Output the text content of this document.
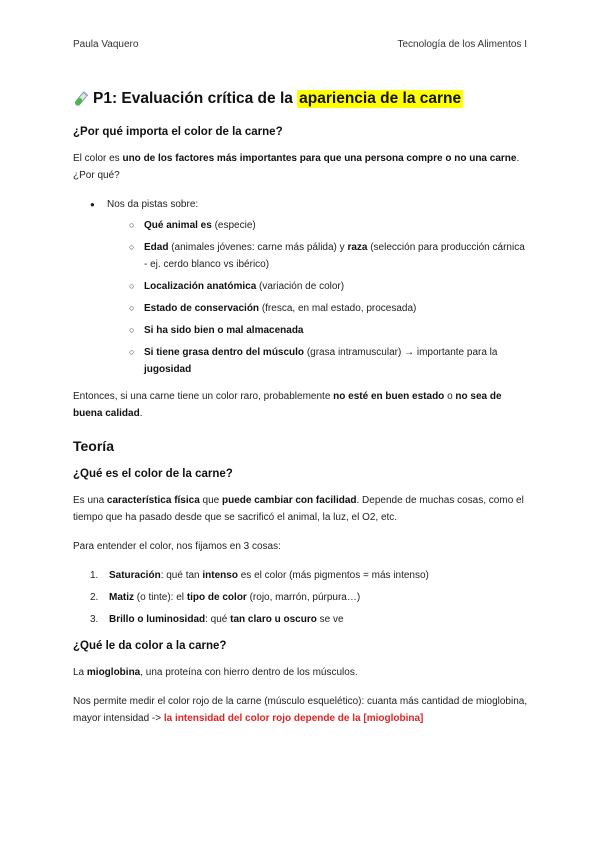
Paula Vaquero	Tecnología de los Alimentos I
P1: Evaluación crítica de la apariencia de la carne
¿Por qué importa el color de la carne?

El color es uno de los factores más importantes para que una persona compre o no una carne. ¿Por qué?

● Nos da pistas sobre:
○ Qué animal es (especie)
○ Edad (animales jóvenes: carne más pálida) y raza (selección para producción cárnica - ej. cerdo blanco vs ibérico)
○ Localización anatómica (variación de color)
○ Estado de conservación (fresca, en mal estado, procesada)
○ Si ha sido bien o mal almacenada
○ Si tiene grasa dentro del músculo (grasa intramuscular) → importante para la jugosidad

Entonces, si una carne tiene un color raro, probablemente no esté en buen estado o no sea de buena calidad.

Teoría
¿Qué es el color de la carne?

Es una característica física que puede cambiar con facilidad. Depende de muchas cosas, como el tiempo que ha pasado desde que se sacrificó el animal, la luz, el O2, etc.

Para entender el color, nos fijamos en 3 cosas:

1. Saturación: qué tan intenso es el color (más pigmentos = más intenso)
2. Matiz (o tinte): el tipo de color (rojo, marrón, púrpura…)
3. Brillo o luminosidad: qué tan claro u oscuro se ve
¿Qué le da color a la carne?

La mioglobina, una proteína con hierro dentro de los músculos.

Nos permite medir el color rojo de la carne (músculo esquelético): cuanta más cantidad de mioglobina, mayor intensidad -> la intensidad del color rojo depende de la [mioglobina]
